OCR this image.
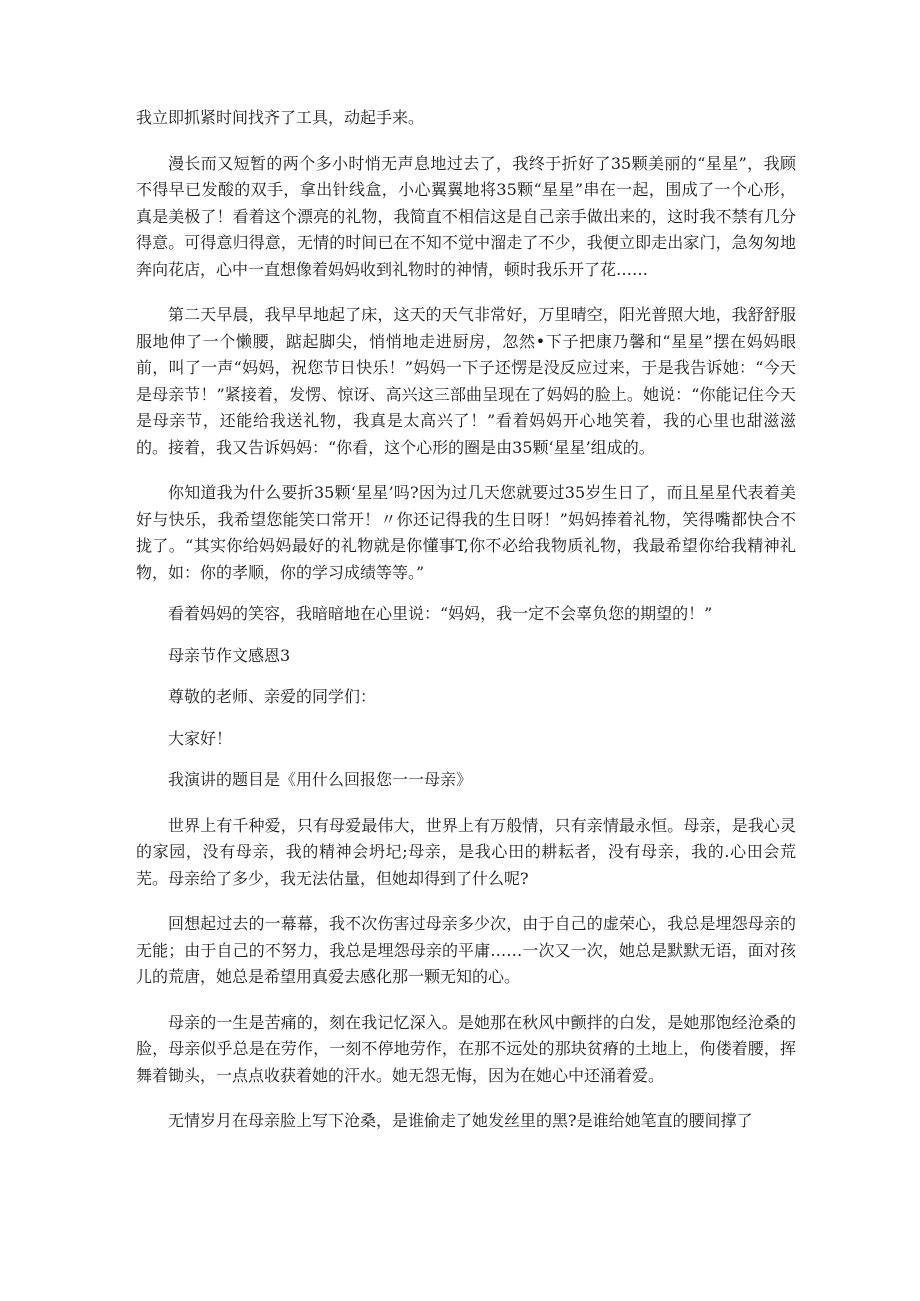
我立即抓紧时间找齐了工具，动起手来。

漫长而又短暂的两个多小时悄无声息地过去了，我终于折好了35颗美丽的“星星”，我顾不得早已发酸的双手，拿出针线盒，小心翼翼地将35颗“星星”串在一起，围成了一个心形，真是美极了！看着这个漂亮的礼物，我简直不相信这是自己亲手做出来的，这时我不禁有几分得意。可得意归得意，无情的时间已在不知不觉中溜走了不少，我便立即走出家门，急匆匆地奔向花店，心中一直想像着妈妈收到礼物时的神情，顿时我乐开了花……

第二天早晨，我早早地起了床，这天的天气非常好，万里晴空，阳光普照大地，我舒舒服服地伸了一个懒腰，踮起脚尖，悄悄地走进厨房，忽然•下子把康乃馨和“星星”摆在妈妈眼前，叫了一声“妈妈，祝您节日快乐！”妈妈一下子还愣是没反应过来，于是我告诉她：“今天是母亲节！”紧接着，发愣、惊讶、高兴这三部曲呈现在了妈妈的脸上。她说：“你能记住今天是母亲节，还能给我送礼物，我真是太高兴了！”看着妈妈开心地笑着，我的心里也甜滋滋的。接着，我又告诉妈妈：“你看，这个心形的圈是由35颗‘星星’组成的。

你知道我为什么要折35颗‘星星’吗?因为过几天您就要过35岁生日了，而且星星代表着美好与快乐，我希望您能笑口常开！〃你还记得我的生日呀！”妈妈捧着礼物，笑得嘴都快合不拢了。“其实你给妈妈最好的礼物就是你懂事T,你不必给我物质礼物，我最希望你给我精神礼物，如：你的孝顺，你的学习成绩等等。”

看着妈妈的笑容，我暗暗地在心里说：“妈妈，我一定不会辜负您的期望的！”

母亲节作文感恩3

尊敬的老师、亲爱的同学们：

大家好！

我演讲的题目是《用什么回报您一一母亲》

世界上有千种爱，只有母爱最伟大，世界上有万般情，只有亲情最永恒。母亲，是我心灵的家园，没有母亲，我的精神会坍圮;母亲，是我心田的耕耘者，没有母亲，我的.心田会荒芜。母亲给了多少，我无法估量，但她却得到了什么呢?

回想起过去的一幕幕，我不次伤害过母亲多少次，由于自己的虚荣心，我总是埋怨母亲的无能；由于自己的不努力，我总是埋怨母亲的平庸……一次又一次，她总是默默无语，面对孩儿的荒唐，她总是希望用真爱去感化那一颗无知的心。

母亲的一生是苦痛的，刻在我记忆深入。是她那在秋风中颤拌的白发，是她那饱经沧桑的脸，母亲似乎总是在劳作，一刻不停地劳作，在那不远处的那块贫瘠的土地上，佝偻着腰，挥舞着锄头，一点点收获着她的汗水。她无怨无悔，因为在她心中还涌着爱。

无情岁月在母亲脸上写下沧桑，是谁偷走了她发丝里的黑?是谁给她笔直的腰间撑了
